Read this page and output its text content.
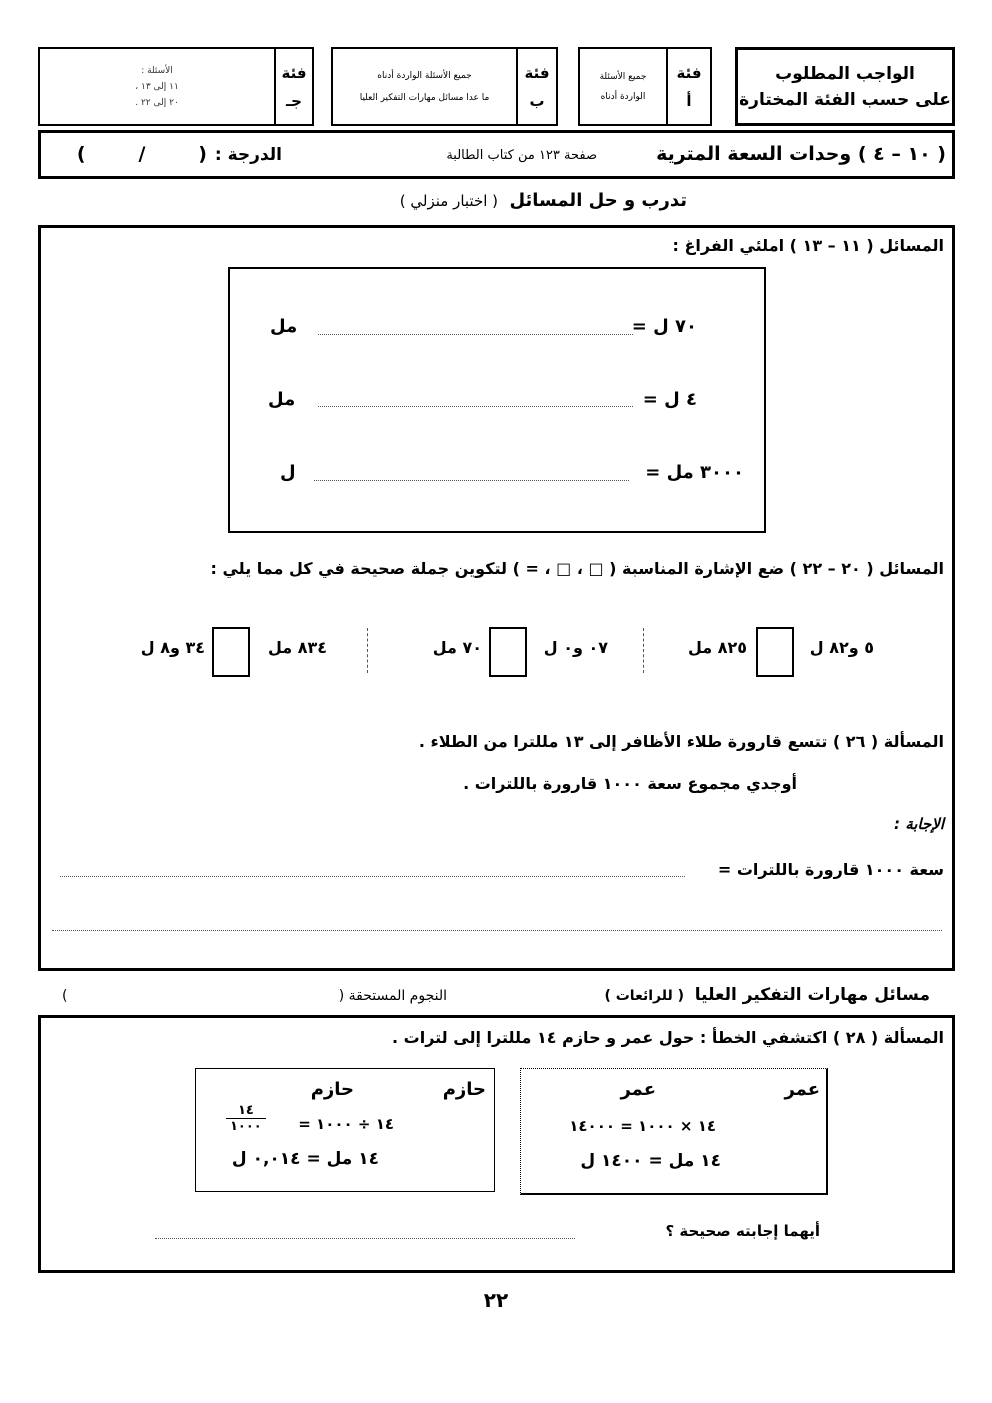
الواجب المطلوب
على حسب الفئة المختارة
فئة
أ
جميع الأسئلة
الواردة أدناه
فئة
ب
جميع الأسئلة الواردة أدناه
ما عدا مسائل مهارات التفكير العليا
فئة
جـ
الأسئلة :
١١ إلى ١٣ ،
٢٠ إلى ٢٢ .
( ١٠ – ٤ ) وحدات السعة المترية
صفحة ١٢٣ من كتاب الطالبة
الدرجة :
(        /        )
تدرب و حل المسائل  ( اختبار منزلي )
المسائل ( ١١ – ١٣ ) املئي الفراغ :
٧٠ ل =
مل
٤ ل =
مل
٣٠٠٠ مل =
ل
المسائل ( ٢٠ – ٢٢ ) ضع الإشارة المناسبة ( □ ، □ ، = ) لتكوين جملة صحيحة في كل مما يلي :
٥ و٨٢ ل
٨٢٥ مل
٠٧ و٠ ل
٧٠ مل
٨٣٤ مل
٣٤ و٨ ل
المسألة ( ٢٦ ) تتسع قارورة طلاء الأظافر إلى ١٣ مللترا من الطلاء .
أوجدي مجموع سعة ١٠٠٠ قارورة باللترات .
الإجابة :
سعة ١٠٠٠ قارورة باللترات =
مسائل مهارات التفكير العليا  ( للرائعات )
النجوم المستحقة (
)
المسألة ( ٢٨ ) اكتشفي الخطأ : حول عمر و حازم ١٤ مللترا إلى لترات .
عمر
عمر
١٤ × ١٠٠٠ = ١٤٠٠٠
١٤ مل = ١٤٠٠ ل
حازم
حازم
١٤ ÷ ١٠٠٠ =
١٤
١٠٠٠
١٤ مل = ٠,٠١٤ ل
أيهما إجابته صحيحة ؟
٢٢
